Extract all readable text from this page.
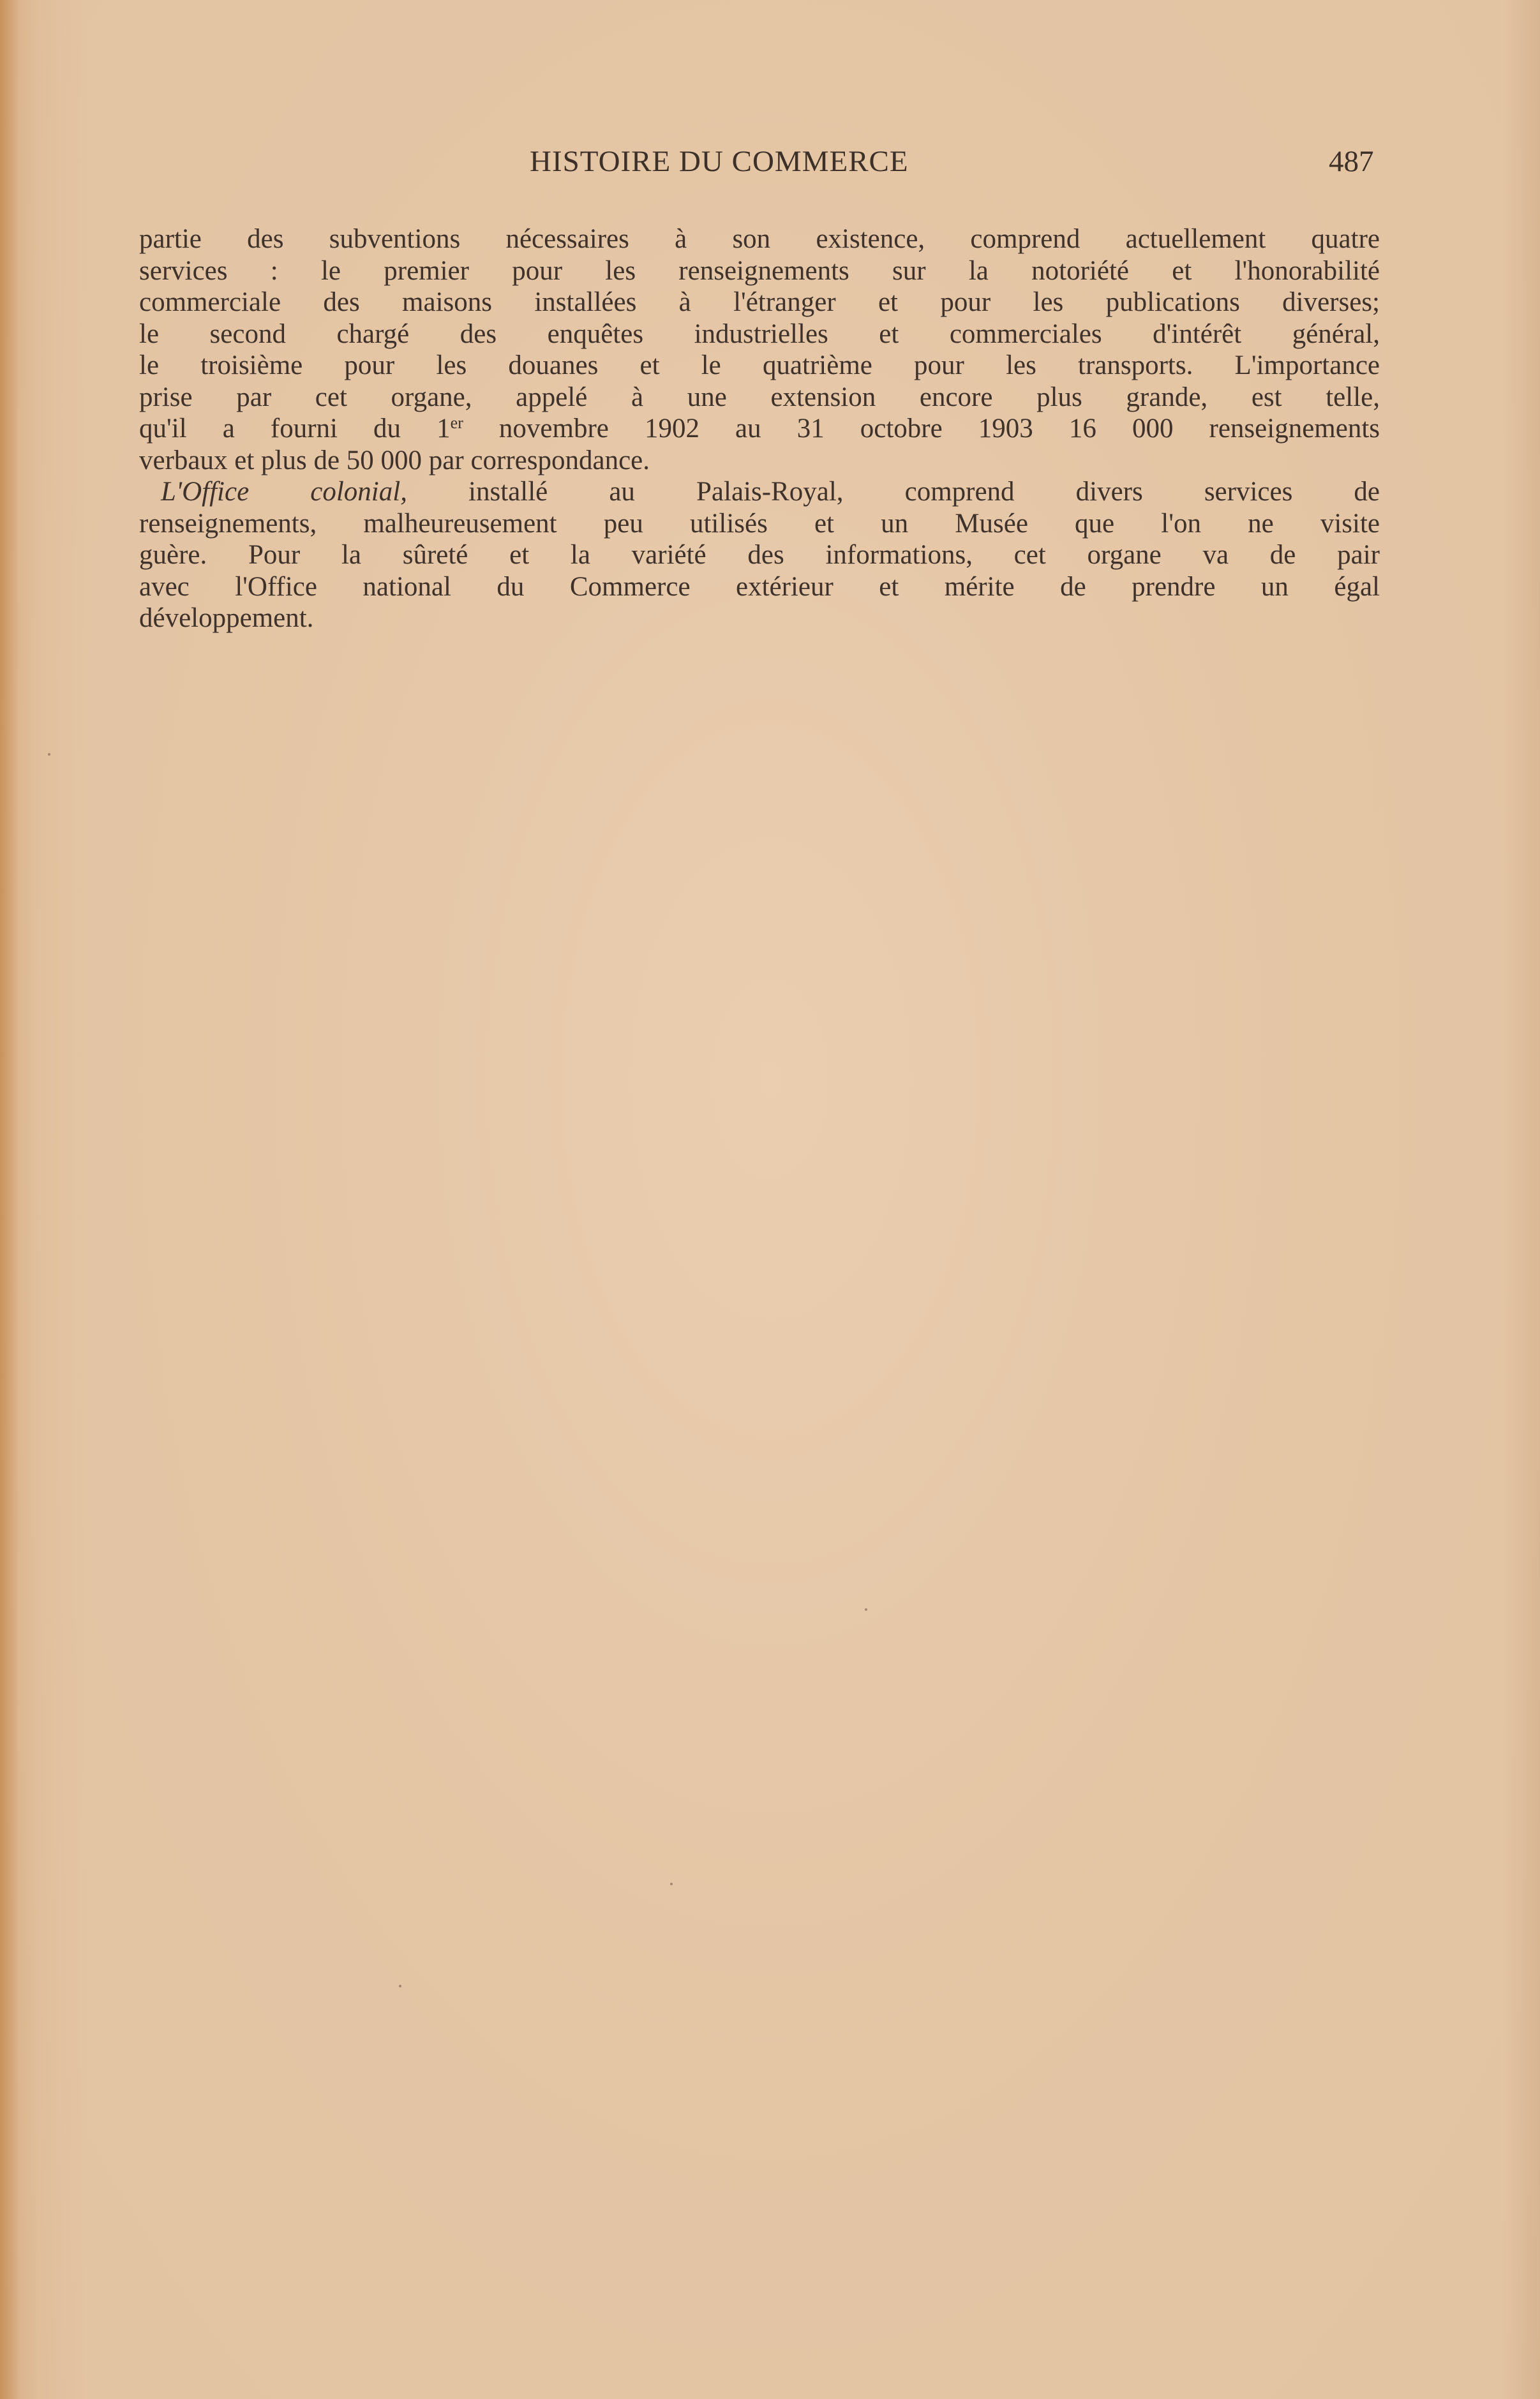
HISTOIRE DU COMMERCE	487
partie des subventions nécessaires à son existence, comprend actuellement quatre
services : le premier pour les renseignements sur la notoriété et l'honorabilité
commerciale des maisons installées à l'étranger et pour les publications diverses;
le second chargé des enquêtes industrielles et commerciales d'intérêt général,
le troisième pour les douanes et le quatrième pour les transports. L'importance
prise par cet organe, appelé à une extension encore plus grande, est telle,
qu'il a fourni du 1er novembre 1902 au 31 octobre 1903 16 000 renseignements
verbaux et plus de 50 000 par correspondance.
L'Office colonial, installé au Palais-Royal, comprend divers services de
renseignements, malheureusement peu utilisés et un Musée que l'on ne visite
guère. Pour la sûreté et la variété des informations, cet organe va de pair
avec l'Office national du Commerce extérieur et mérite de prendre un égal
développement.
